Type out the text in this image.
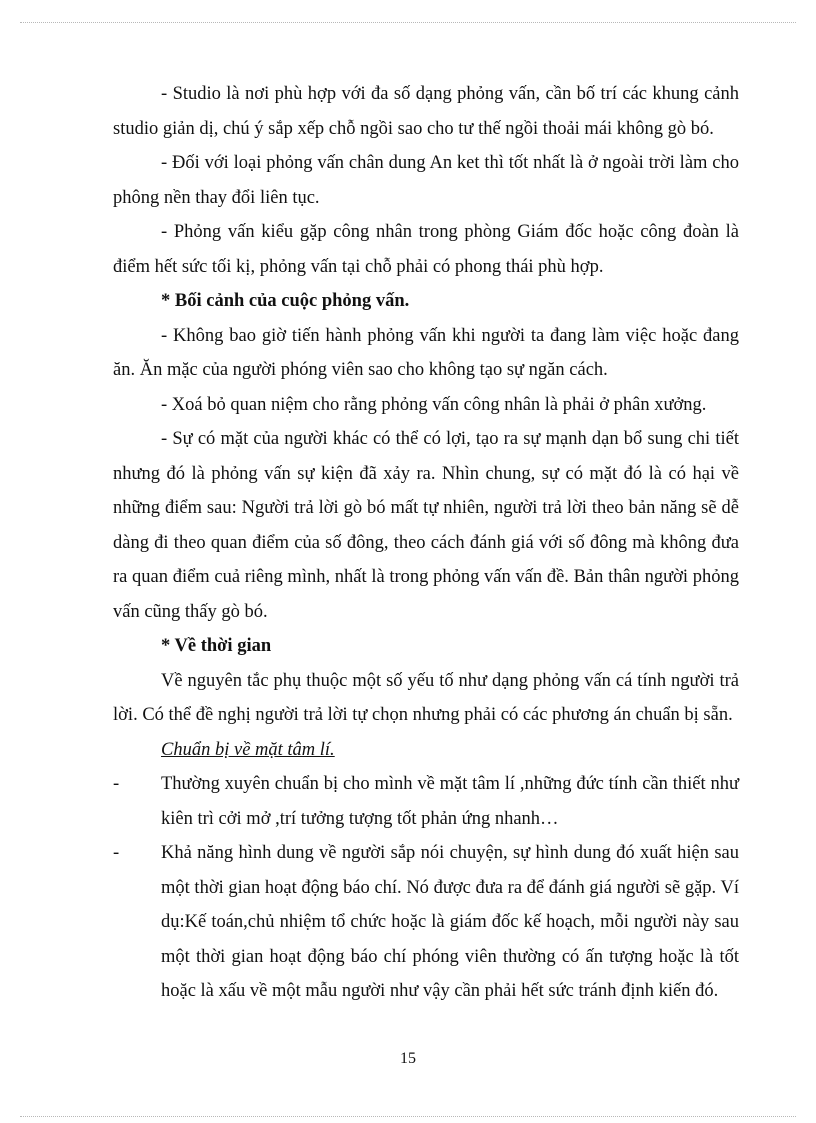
- Studio là nơi phù hợp với đa số dạng phỏng vấn, cần bố trí các khung cảnh studio giản dị, chú ý sắp xếp chỗ ngồi sao cho tư thế ngồi thoải mái không gò bó.

- Đối với loại phỏng vấn chân dung An ket thì tốt nhất là ở ngoài trời làm cho phông nền thay đổi liên tục.

- Phỏng vấn kiểu gặp công nhân trong phòng Giám đốc hoặc công đoàn là điểm hết sức tối kị, phỏng vấn tại chỗ phải có phong thái phù hợp.

* Bối cảnh của cuộc phỏng vấn.

- Không bao giờ tiến hành phỏng vấn khi người ta đang làm việc hoặc đang ăn. Ăn mặc của người phóng viên sao cho không tạo sự ngăn cách.

- Xoá bỏ quan niệm cho rằng phỏng vấn công nhân là phải ở phân xưởng.

- Sự có mặt của người khác có thể có lợi, tạo ra sự mạnh dạn bổ sung chi tiết nhưng đó là phỏng vấn sự kiện đã xảy ra. Nhìn chung, sự có mặt đó là có hại về những điểm sau: Người trả lời gò bó mất tự nhiên, người trả lời theo bản năng sẽ dễ dàng đi theo quan điểm của số đông, theo cách đánh giá với số đông mà không đưa ra quan điểm cuả riêng mình, nhất là trong phỏng vấn vấn đề. Bản thân người phỏng vấn cũng thấy gò bó.

* Về thời gian

Về nguyên tắc phụ thuộc một số yếu tố như dạng phỏng vấn cá tính người trả lời. Có thể đề nghị người trả lời tự chọn nhưng phải có các phương án chuẩn bị sẵn.

Chuẩn bị về mặt tâm lí.

-	Thường xuyên chuẩn bị cho mình về mặt tâm lí ,những đức tính cần thiết như kiên trì cởi mở ,trí tưởng tượng tốt phản ứng nhanh…
-	Khả năng hình dung về người sắp nói chuyện, sự hình dung đó xuất hiện sau một thời gian hoạt động báo chí. Nó được đưa ra để đánh giá người sẽ gặp. Ví dụ:Kế toán,chủ nhiệm tổ chức hoặc là giám đốc kế hoạch, mỗi người này sau một thời gian hoạt động báo chí phóng viên thường có ấn tượng hoặc là tốt hoặc là xấu về một mẫu người như vậy cần phải hết sức tránh định kiến đó.
15
